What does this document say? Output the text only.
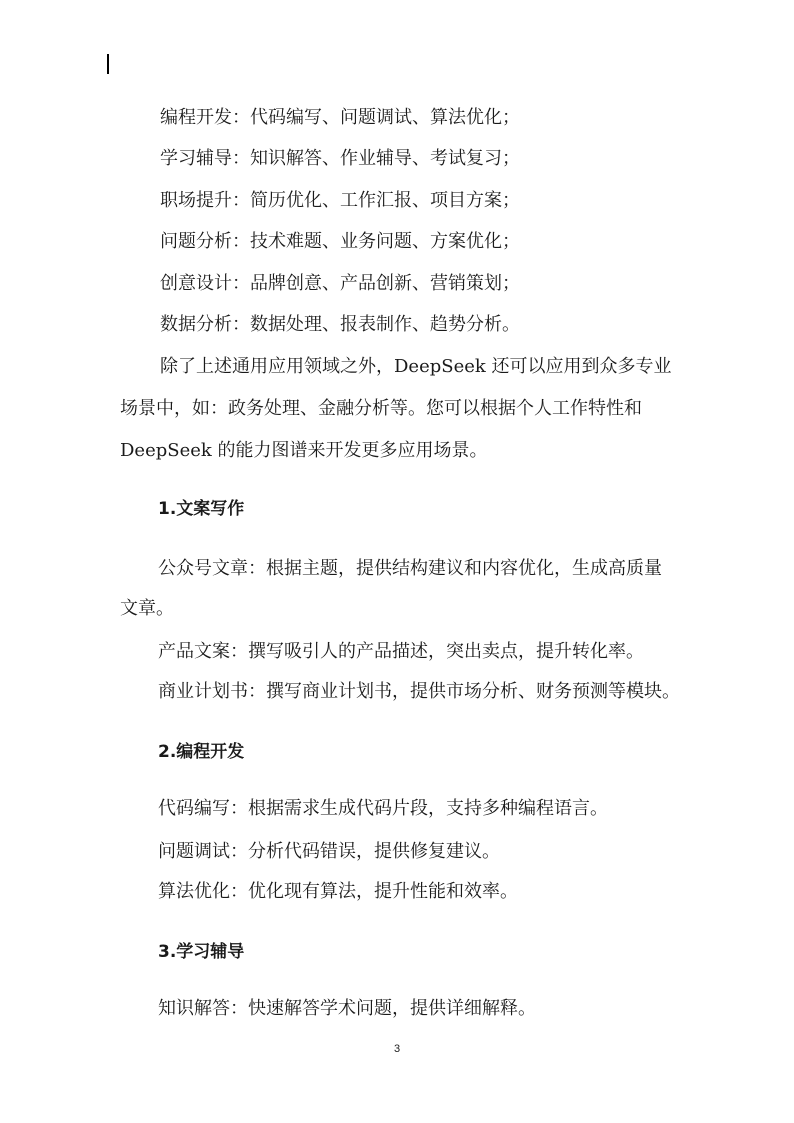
编程开发：代码编写、问题调试、算法优化；
学习辅导：知识解答、作业辅导、考试复习；
职场提升：简历优化、工作汇报、项目方案；
问题分析：技术难题、业务问题、方案优化；
创意设计：品牌创意、产品创新、营销策划；
数据分析：数据处理、报表制作、趋势分析。
除了上述通用应用领域之外，DeepSeek 还可以应用到众多专业
场景中，如：政务处理、金融分析等。您可以根据个人工作特性和
DeepSeek 的能力图谱来开发更多应用场景。
1.文案写作
公众号文章：根据主题，提供结构建议和内容优化，生成高质量
文章。
产品文案：撰写吸引人的产品描述，突出卖点，提升转化率。
商业计划书：撰写商业计划书，提供市场分析、财务预测等模块。
2.编程开发
代码编写：根据需求生成代码片段，支持多种编程语言。
问题调试：分析代码错误，提供修复建议。
算法优化：优化现有算法，提升性能和效率。
3.学习辅导
知识解答：快速解答学术问题，提供详细解释。
3
